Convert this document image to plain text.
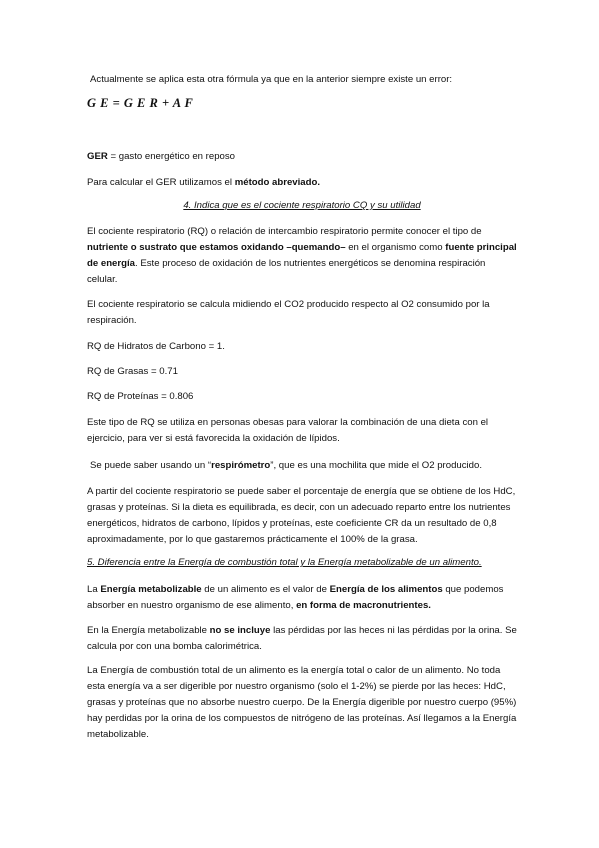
Actualmente se aplica esta otra fórmula ya que en la anterior siempre existe un error:

G E = G E R + A F

GER = gasto energético en reposo

Para calcular el GER utilizamos el método abreviado.

4. Indica que es el cociente respiratorio CQ y su utilidad

El cociente respiratorio (RQ) o relación de intercambio respiratorio permite conocer el tipo de nutriente o sustrato que estamos oxidando –quemando– en el organismo como fuente principal de energía. Este proceso de oxidación de los nutrientes energéticos se denomina respiración celular.

El cociente respiratorio se calcula midiendo el CO2 producido respecto al O2 consumido por la respiración.

RQ de Hidratos de Carbono = 1.

RQ de Grasas = 0.71

RQ de Proteínas = 0.806

Este tipo de RQ se utiliza en personas obesas para valorar la combinación de una dieta con el ejercicio, para ver si está favorecida la oxidación de lípidos.

Se puede saber usando un “respirómetro”, que es una mochilita que mide el O2 producido.

A partir del cociente respiratorio se puede saber el porcentaje de energía que se obtiene de los HdC, grasas y proteínas. Si la dieta es equilibrada, es decir, con un adecuado reparto entre los nutrientes energéticos, hidratos de carbono, lípidos y proteínas, este coeficiente CR da un resultado de 0,8 aproximadamente, por lo que gastaremos prácticamente el 100% de la grasa.

5. Diferencia entre la Energía de combustión total y la Energía metabolizable de un alimento.

La Energía metabolizable de un alimento es el valor de Energía de los alimentos que podemos absorber en nuestro organismo de ese alimento, en forma de macronutrientes.

En la Energía metabolizable no se incluye las pérdidas por las heces ni las pérdidas por la orina. Se calcula por con una bomba calorimétrica.

La Energía de combustión total de un alimento es la energía total o calor de un alimento. No toda esta energía va a ser digerible por nuestro organismo (solo el 1-2%) se pierde por las heces: HdC, grasas y proteínas que no absorbe nuestro cuerpo. De la Energía digerible por nuestro cuerpo (95%) hay perdidas por la orina de los compuestos de nitrógeno de las proteínas. Así llegamos a la Energía metabolizable.
